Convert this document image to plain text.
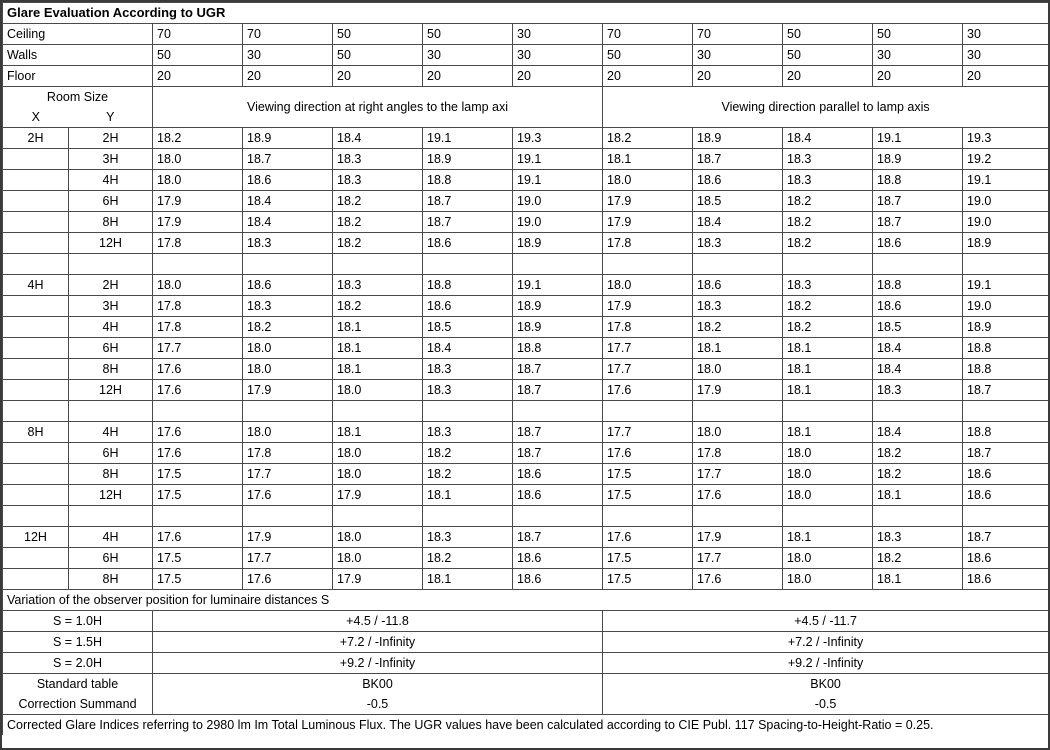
Glare Evaluation According to UGR											
Ceiling		70	70	50	50	30	70	70	50	50	30
Walls		50	30	50	30	30	50	30	50	30	30
Floor		20	20	20	20	20	20	20	20	20	20
Room Size		Viewing direction at right angles to the lamp axi					Viewing direction parallel to lamp axis				
X	Y										
2H	2H	18.2	18.9	18.4	19.1	19.3	18.2	18.9	18.4	19.1	19.3
	3H	18.0	18.7	18.3	18.9	19.1	18.1	18.7	18.3	18.9	19.2
	4H	18.0	18.6	18.3	18.8	19.1	18.0	18.6	18.3	18.8	19.1
	6H	17.9	18.4	18.2	18.7	19.0	17.9	18.5	18.2	18.7	19.0
	8H	17.9	18.4	18.2	18.7	19.0	17.9	18.4	18.2	18.7	19.0
	12H	17.8	18.3	18.2	18.6	18.9	17.8	18.3	18.2	18.6	18.9

4H	2H	18.0	18.6	18.3	18.8	19.1	18.0	18.6	18.3	18.8	19.1
	3H	17.8	18.3	18.2	18.6	18.9	17.9	18.3	18.2	18.6	19.0
	4H	17.8	18.2	18.1	18.5	18.9	17.8	18.2	18.2	18.5	18.9
	6H	17.7	18.0	18.1	18.4	18.8	17.7	18.1	18.1	18.4	18.8
	8H	17.6	18.0	18.1	18.3	18.7	17.7	18.0	18.1	18.4	18.8
	12H	17.6	17.9	18.0	18.3	18.7	17.6	17.9	18.1	18.3	18.7

8H	4H	17.6	18.0	18.1	18.3	18.7	17.7	18.0	18.1	18.4	18.8
	6H	17.6	17.8	18.0	18.2	18.7	17.6	17.8	18.0	18.2	18.7
	8H	17.5	17.7	18.0	18.2	18.6	17.5	17.7	18.0	18.2	18.6
	12H	17.5	17.6	17.9	18.1	18.6	17.5	17.6	18.0	18.1	18.6

12H	4H	17.6	17.9	18.0	18.3	18.7	17.6	17.9	18.1	18.3	18.7
	6H	17.5	17.7	18.0	18.2	18.6	17.5	17.7	18.0	18.2	18.6
	8H	17.5	17.6	17.9	18.1	18.6	17.5	17.6	18.0	18.1	18.6
Variation of the observer position for luminaire distances S											
S = 1.0H		+4.5 / -11.8					+4.5 / -11.7				
S = 1.5H		+7.2 / -Infinity					+7.2 / -Infinity				
S = 2.0H		+9.2 / -Infinity					+9.2 / -Infinity				
Standard table		BK00					BK00				
Correction Summand		-0.5					-0.5				
Corrected Glare Indices referring to 2980 lm Im Total Luminous Flux. The UGR values have been calculated according to CIE Publ. 117 Spacing-to-Height-Ratio = 0.25.											
